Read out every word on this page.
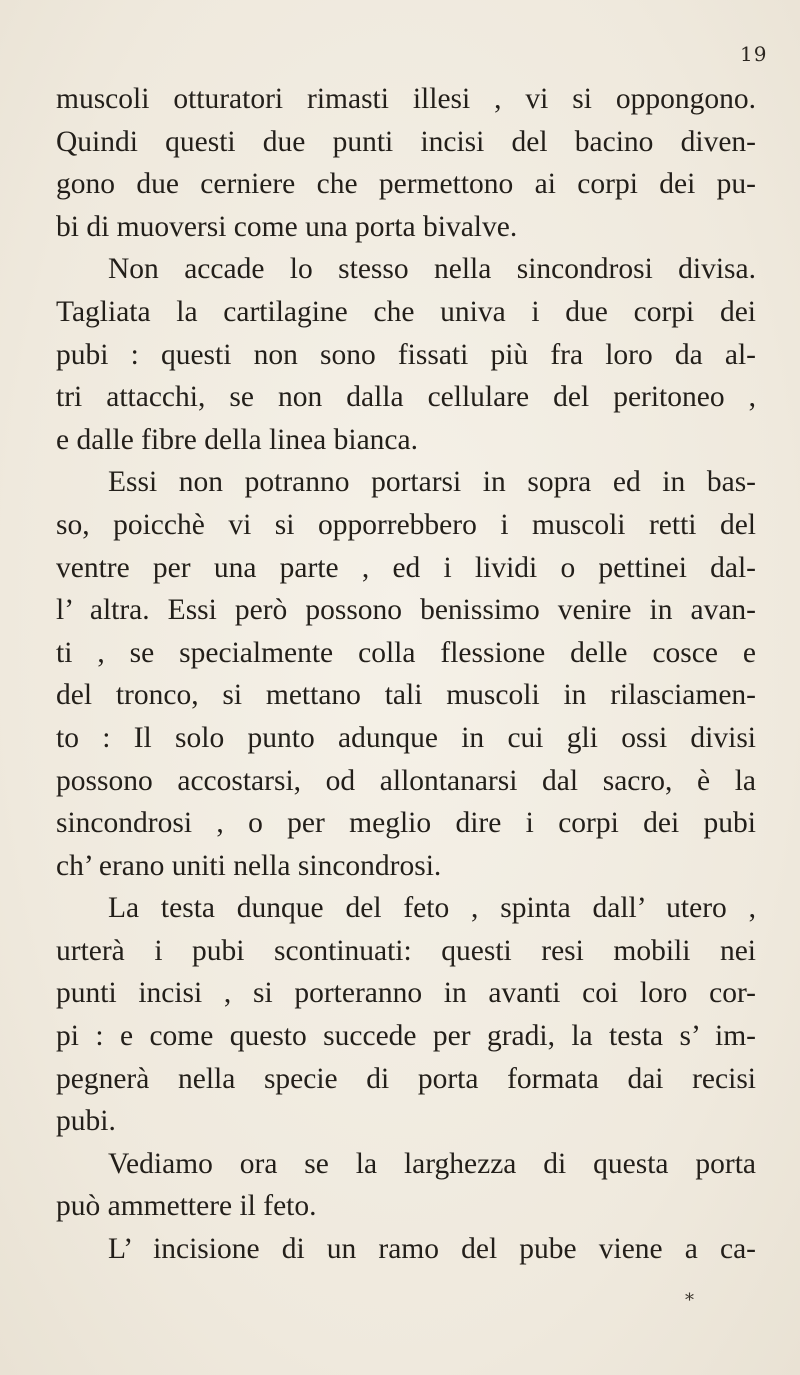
19
muscoli otturatori rimasti illesi , vi si oppongono.
Quindi questi due punti incisi del bacino diven-
gono due cerniere che permettono ai corpi dei pu-
bi di muoversi come una porta bivalve.
Non accade lo stesso nella sincondrosi divisa.
Tagliata la cartilagine che univa i due corpi dei
pubi : questi non sono fissati più fra loro da al-
tri attacchi, se non dalla cellulare del peritoneo ,
e dalle fibre della linea bianca.
Essi non potranno portarsi in sopra ed in bas-
so, poicchè vi si opporrebbero i muscoli retti del
ventre per una parte , ed i lividi o pettinei dal-
l’ altra. Essi però possono benissimo venire in avan-
ti , se specialmente colla flessione delle cosce e
del tronco, si mettano tali muscoli in rilasciamen-
to : Il solo punto adunque in cui gli ossi divisi
possono accostarsi, od allontanarsi dal sacro, è la
sincondrosi , o per meglio dire i corpi dei pubi
ch’ erano uniti nella sincondrosi.
La testa dunque del feto , spinta dall’ utero ,
urterà i pubi scontinuati: questi resi mobili nei
punti incisi , si porteranno in avanti coi loro cor-
pi : e come questo succede per gradi, la testa s’ im-
pegnerà nella specie di porta formata dai recisi
pubi.
Vediamo ora se la larghezza di questa porta
può ammettere il feto.
L’ incisione di un ramo del pube viene a ca-
*
